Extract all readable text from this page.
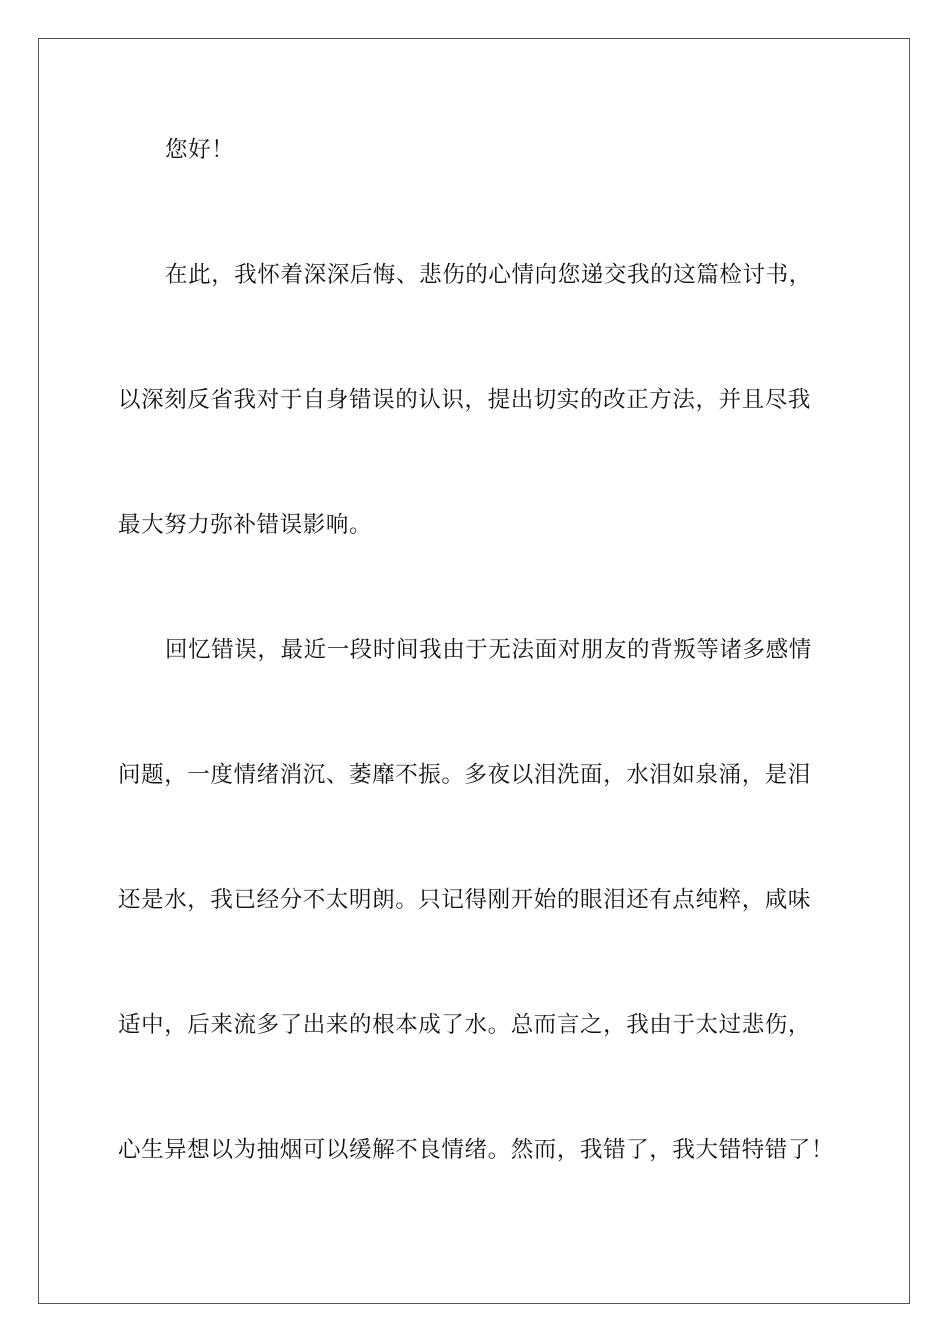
您好！
在此，我怀着深深后悔、悲伤的心情向您递交我的这篇检讨书，
以深刻反省我对于自身错误的认识，提出切实的改正方法，并且尽我
最大努力弥补错误影响。
回忆错误，最近一段时间我由于无法面对朋友的背叛等诸多感情
问题，一度情绪消沉、萎靡不振。多夜以泪洗面，水泪如泉涌，是泪
还是水，我已经分不太明朗。只记得刚开始的眼泪还有点纯粹，咸味
适中，后来流多了出来的根本成了水。总而言之，我由于太过悲伤，
心生异想以为抽烟可以缓解不良情绪。然而，我错了，我大错特错了！
